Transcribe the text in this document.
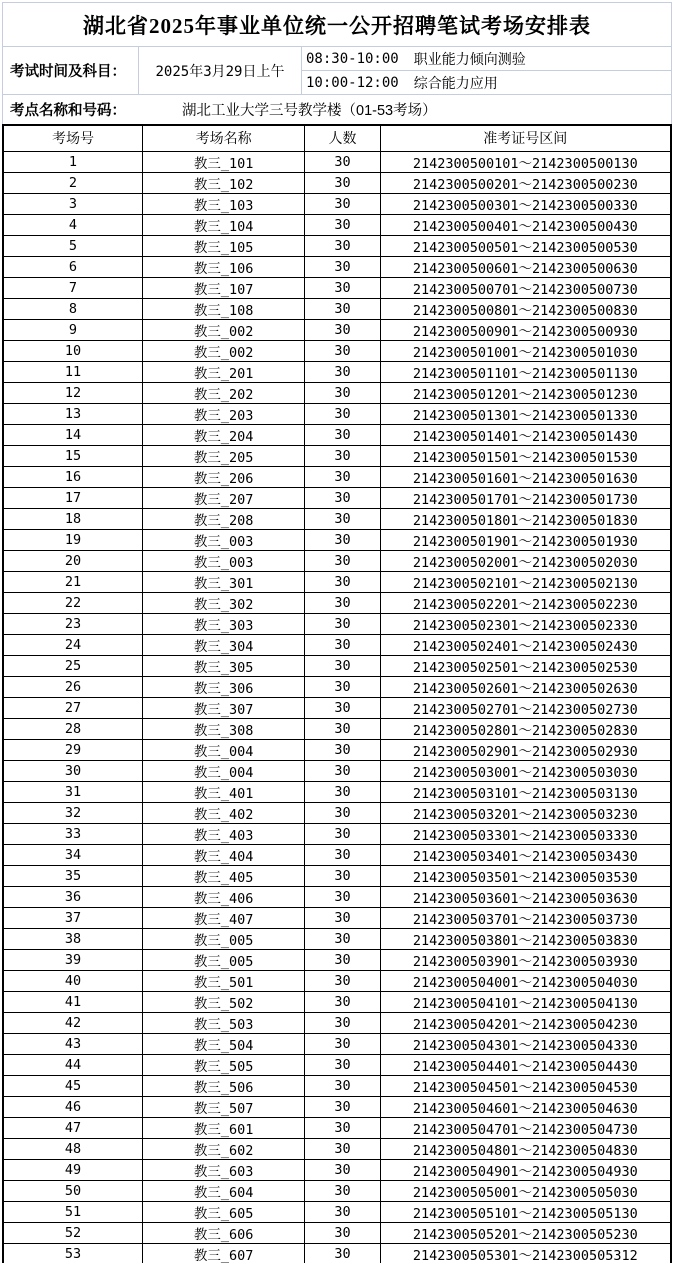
湖北省2025年事业单位统一公开招聘笔试考场安排表
考试时间及科目：	2025年3月29日上午
08:30-10:00 职业能力倾向测验
10:00-12:00 综合能力应用
考点名称和号码：	湖北工业大学三号教学楼（01-53考场）
考场号	考场名称	人数	准考证号区间
1	教三_101	30	2142300500101～2142300500130
2	教三_102	30	2142300500201～2142300500230
3	教三_103	30	2142300500301～2142300500330
4	教三_104	30	2142300500401～2142300500430
5	教三_105	30	2142300500501～2142300500530
6	教三_106	30	2142300500601～2142300500630
7	教三_107	30	2142300500701～2142300500730
8	教三_108	30	2142300500801～2142300500830
9	教三_002	30	2142300500901～2142300500930
10	教三_002	30	2142300501001～2142300501030
11	教三_201	30	2142300501101～2142300501130
12	教三_202	30	2142300501201～2142300501230
13	教三_203	30	2142300501301～2142300501330
14	教三_204	30	2142300501401～2142300501430
15	教三_205	30	2142300501501～2142300501530
16	教三_206	30	2142300501601～2142300501630
17	教三_207	30	2142300501701～2142300501730
18	教三_208	30	2142300501801～2142300501830
19	教三_003	30	2142300501901～2142300501930
20	教三_003	30	2142300502001～2142300502030
21	教三_301	30	2142300502101～2142300502130
22	教三_302	30	2142300502201～2142300502230
23	教三_303	30	2142300502301～2142300502330
24	教三_304	30	2142300502401～2142300502430
25	教三_305	30	2142300502501～2142300502530
26	教三_306	30	2142300502601～2142300502630
27	教三_307	30	2142300502701～2142300502730
28	教三_308	30	2142300502801～2142300502830
29	教三_004	30	2142300502901～2142300502930
30	教三_004	30	2142300503001～2142300503030
31	教三_401	30	2142300503101～2142300503130
32	教三_402	30	2142300503201～2142300503230
33	教三_403	30	2142300503301～2142300503330
34	教三_404	30	2142300503401～2142300503430
35	教三_405	30	2142300503501～2142300503530
36	教三_406	30	2142300503601～2142300503630
37	教三_407	30	2142300503701～2142300503730
38	教三_005	30	2142300503801～2142300503830
39	教三_005	30	2142300503901～2142300503930
40	教三_501	30	2142300504001～2142300504030
41	教三_502	30	2142300504101～2142300504130
42	教三_503	30	2142300504201～2142300504230
43	教三_504	30	2142300504301～2142300504330
44	教三_505	30	2142300504401～2142300504430
45	教三_506	30	2142300504501～2142300504530
46	教三_507	30	2142300504601～2142300504630
47	教三_601	30	2142300504701～2142300504730
48	教三_602	30	2142300504801～2142300504830
49	教三_603	30	2142300504901～2142300504930
50	教三_604	30	2142300505001～2142300505030
51	教三_605	30	2142300505101～2142300505130
52	教三_606	30	2142300505201～2142300505230
53	教三_607	30	2142300505301～2142300505312
